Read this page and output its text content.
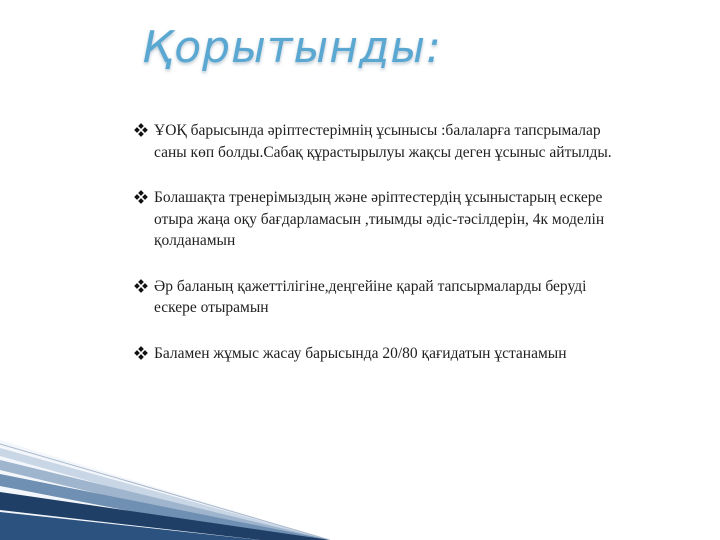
Қорытынды:
ҰОҚ барысында әріптестерімнің ұсынысы :балаларға тапсрымалар саны көп болды.Сабақ құрастырылуы жақсы деген ұсыныс айтылды.
Болашақта тренерімыздың және әріптестердің ұсыныстарың ескере отыра жаңа оқу бағдарламасын ,тиымды әдіс-тәсілдерін, 4к моделін қолданамын
Әр баланың қажеттілігіне,деңгейіне қарай тапсырмаларды беруді ескере отырамын
Баламен жұмыс жасау барысында 20/80 қағидатын ұстанамын
